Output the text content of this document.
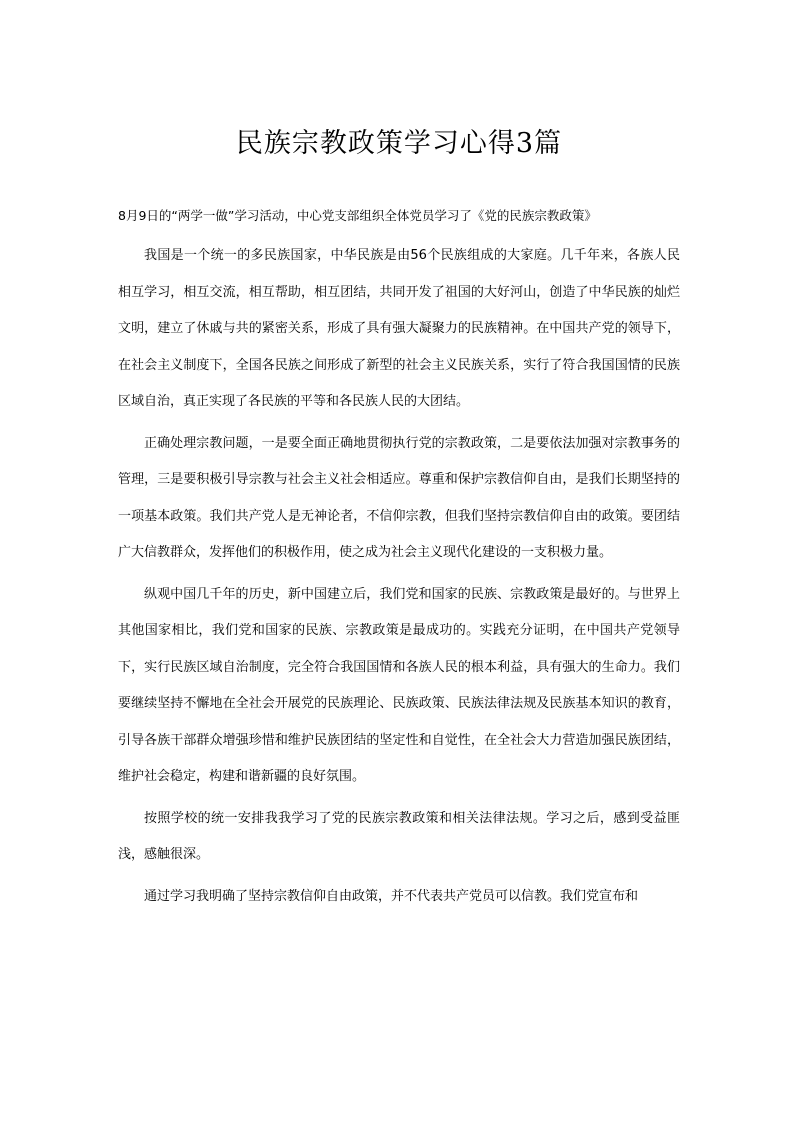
民族宗教政策学习心得3篇

8月9日的“两学一做”学习活动，中心党支部组织全体党员学习了《党的民族宗教政策》

我国是一个统一的多民族国家，中华民族是由56个民族组成的大家庭。几千年来，各族人民相互学习，相互交流，相互帮助，相互团结，共同开发了祖国的大好河山，创造了中华民族的灿烂文明，建立了休戚与共的紧密关系，形成了具有强大凝聚力的民族精神。在中国共产党的领导下，在社会主义制度下，全国各民族之间形成了新型的社会主义民族关系，实行了符合我国国情的民族区域自治，真正实现了各民族的平等和各民族人民的大团结。

正确处理宗教问题，一是要全面正确地贯彻执行党的宗教政策，二是要依法加强对宗教事务的管理，三是要积极引导宗教与社会主义社会相适应。尊重和保护宗教信仰自由，是我们长期坚持的一项基本政策。我们共产党人是无神论者，不信仰宗教，但我们坚持宗教信仰自由的政策。要团结广大信教群众，发挥他们的积极作用，使之成为社会主义现代化建设的一支积极力量。

纵观中国几千年的历史，新中国建立后，我们党和国家的民族、宗教政策是最好的。与世界上其他国家相比，我们党和国家的民族、宗教政策是最成功的。实践充分证明，在中国共产党领导下，实行民族区域自治制度，完全符合我国国情和各族人民的根本利益，具有强大的生命力。我们要继续坚持不懈地在全社会开展党的民族理论、民族政策、民族法律法规及民族基本知识的教育，引导各族干部群众增强珍惜和维护民族团结的坚定性和自觉性，在全社会大力营造加强民族团结，维护社会稳定，构建和谐新疆的良好氛围。

按照学校的统一安排我我学习了党的民族宗教政策和相关法律法规。学习之后，感到受益匪浅，感触很深。

通过学习我明确了坚持宗教信仰自由政策，并不代表共产党员可以信教。我们党宣布和
